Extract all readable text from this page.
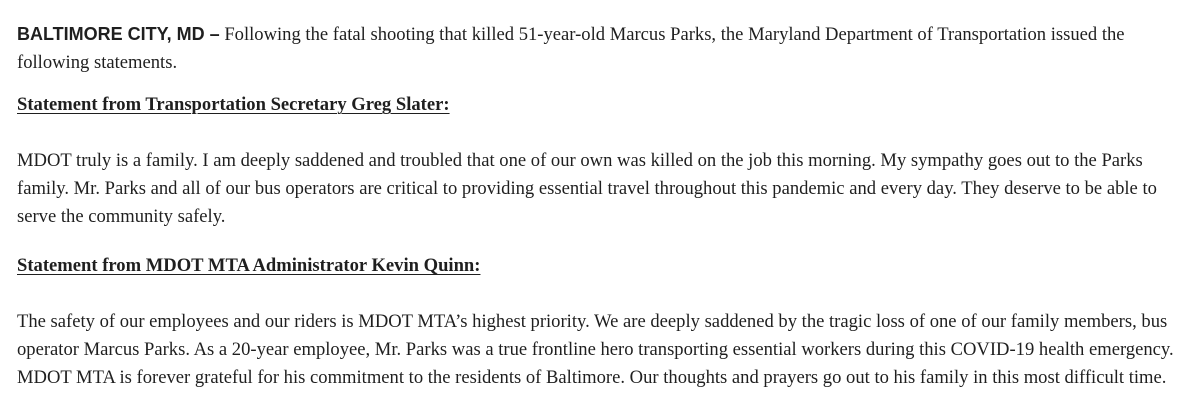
BALTIMORE CITY, MD – Following the fatal shooting that killed 51-year-old Marcus Parks, the Maryland Department of Transportation issued the following statements.

Statement from Transportation Secretary Greg Slater:

MDOT truly is a family. I am deeply saddened and troubled that one of our own was killed on the job this morning. My sympathy goes out to the Parks family. Mr. Parks and all of our bus operators are critical to providing essential travel throughout this pandemic and every day. They deserve to be able to serve the community safely.

Statement from MDOT MTA Administrator Kevin Quinn:

The safety of our employees and our riders is MDOT MTA’s highest priority. We are deeply saddened by the tragic loss of one of our family members, bus operator Marcus Parks. As a 20-year employee, Mr. Parks was a true frontline hero transporting essential workers during this COVID-19 health emergency. MDOT MTA is forever grateful for his commitment to the residents of Baltimore. Our thoughts and prayers go out to his family in this most difficult time.
